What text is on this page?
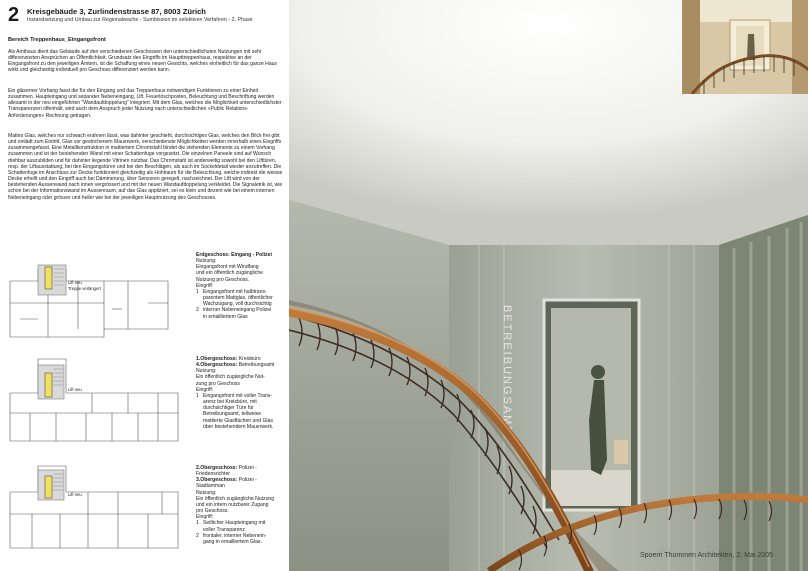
2 Kreisgebäude 3, Zurlindenstrasse 87, 8003 Zürich
Instandsetzung und Umbau zur Regionalwache - Sumbission im selektiven Verfahren - 2. Phase
Bereich Treppenhaus_Eingangsfront
Als Amthaus dient das Gebäude auf den verschiedenen Geschossen den unterschiedlichsten Nutzungen mit sehr differenzierten Ansprüchen an Öffentlichkeit. Grundsatz des Eingriffs im Haupttreppenhaus, respektive an der Eingangsfront zu den jeweiligen Ämtern, ist die Schaffung eines neuen Gesichts, welches einheitlich für das ganze Haus wirkt und gleichzeitig individuell pro Geschoss differenziert werden kann.
Ein gläserner Vorhang fasst die für den Eingang und das Treppenhaus notwendigen Funktionen zu einer Einheit zusammen. Haupteingang und separater Nebeneingang, Lift, Feuerlöschposten, Beleuchtung und Beschriftung werden allesamt in der neu eingeführten "Wandaufdoppelung" integriert. Mit dem Glas, welches die Möglichkeit unterschiedlichster Transparenzen offenhält, wird auch dem Anspruch jeder Nutzung nach unterschiedlichen «Public Relations-Anforderungen» Rechnung getragen.
Mattes Glas, welches nur schwach erahnen lässt, was dahinter geschieht, durchsichtiges Glas, welches den Blick frei gibt und einlädt zum Eintritt, Glas vor gestrichenem Mauerwerk, verschiedenste Möglichkeiten werden innerhalb eines Eingriffs zusammengefasst. Eine Metallkonstruktion in mattiertem Chromstahl bindet die stehenden Elemente zu einem Vorhang zusammen und ist der bestehenden Wand mit einer Schattenfuge vorgesetzt. Die einzelnen Paneele sind auf Wunsch drehbar auszubilden und für dahinter liegende Vitrinen nutzbar. Das Chromstahl ist anderweitig sowohl bei den Lifttüren, resp. der Liftausstattung, bei den Eingangstüren und bei den Beschlägen, als auch im Sockeldetail wieder anzutreffen. Die Schattenfuge im Anschluss zur Decke funktioniert gleichzeitig als Hohlraum für die Beleuchtung, welche indirekt die weisse Decke erhellt und den Eingriff auch bei Dämmerung, über Sensoren geregelt, nachzeichnet. Der Lift wird von der bestehenden Aussenwand nach innen vergrössert und mit der neuen Wandaufdoppelung verkleidet. Die Signaletrik ist, wie schon bei der Informationswand im Aussenraum, auf das Glas appliziert, sei es klein und dezent wie bei einem internen Nebeneingang oder grösser und heller wie bei der jeweiligen Hauptnutzung des Geschosses.
Lift neu
Treppe verlängert
Lift neu
Lift neu
Erdgeschoss: Eingang - Polizei
Nutzung:
Eingangsfront mit Windfang
und ein öffentlich zugängliche
Nutzung pro Geschoss.
Eingriff:
1 Eingangsfront mit halbtrans-
parentem Mattglas, öffentlicher
Wachzugang, voll durchsichtig
2 interner Nebeneingang Polizei
in emailliertem Glas
1.Obergeschoss: Kreisbüro
4.Obergeschoss: Betreibungsamt
Nutzung:
Ein öffentlich zugängliche Nut-
zung pro Geschoss
Eingriff:
1 Eingangsfront mit voller Trans-
arenz bei Kreisbüro, mit
durchsichtiger Türe für
Betreibungsamt, teilweise
mattierte Glasflächen und Glas
über bestehendem Mauerwerk.
2.Obergeschoss: Polizei -
Friedensrichter
3.Obergeschoss: Polizei -
Stadtamman
Nutzung:
Ein öffentlich zugängliche Nutzung
und ein intern nutzbarer Zugang
pro Geschoss.
Eingriff:
1 Seitlicher Haupteingang mit
voller Transparenz
2 frontaler, interner Nebenein-
gang in emailliertem Glas.
BETREIBUNGSAMT
Spoerri Thommen Architekten, 2. Mai 2005
